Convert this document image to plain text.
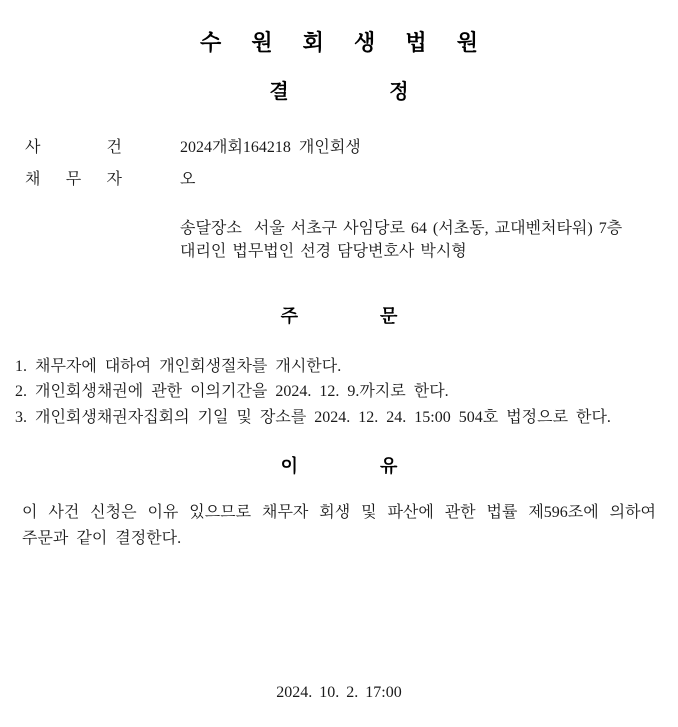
수 원 회 생 법 원
결 정
사 건	2024개회164218  개인회생
채 무 자	오
송달장소  서울 서초구 사임당로 64 (서초동, 교대벤처타워) 7층
대리인 법무법인 선경 담당변호사 박시형
주 문
1. 채무자에 대하여 개인회생절차를 개시한다.
2. 개인회생채권에 관한 이의기간을 2024. 12. 9.까지로 한다.
3. 개인회생채권자집회의 기일 및 장소를 2024. 12. 24. 15:00 504호 법정으로 한다.
이 유
이 사건 신청은 이유 있으므로 채무자 회생 및 파산에 관한 법률 제596조에 의하여
주문과 같이 결정한다.
2024. 10. 2. 17:00
